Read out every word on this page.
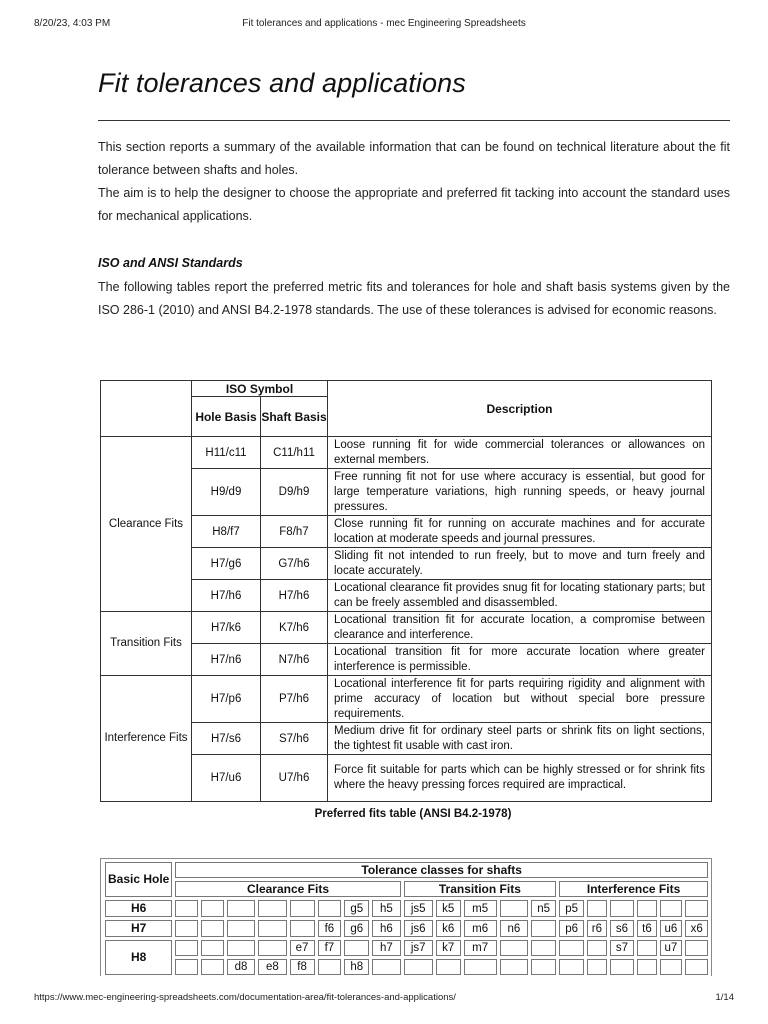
8/20/23, 4:03 PM	Fit tolerances and applications - mec Engineering Spreadsheets
Fit tolerances and applications

This section reports a summary of the available information that can be found on technical literature about the fit tolerance between shafts and holes.

The aim is to help the designer to choose the appropriate and preferred fit tacking into account the standard uses for mechanical applications.

ISO and ANSI Standards

The following tables report the preferred metric fits and tolerances for hole and shaft basis systems given by the ISO 286-1 (2010) and ANSI B4.2-1978 standards. The use of these tolerances is advised for economic reasons.

	ISO Symbol		Description
	Hole Basis	Shaft Basis	
Clearance Fits	H11/c11	C11/h11	Loose running fit for wide commercial tolerances or allowances on external members.
	H9/d9	D9/h9	Free running fit not for use where accuracy is essential, but good for large temperature variations, high running speeds, or heavy journal pressures.
	H8/f7	F8/h7	Close running fit for running on accurate machines and for accurate location at moderate speeds and journal pressures.
	H7/g6	G7/h6	Sliding fit not intended to run freely, but to move and turn freely and locate accurately.
	H7/h6	H7/h6	Locational clearance fit provides snug fit for locating stationary parts; but can be freely assembled and disassembled.
Transition Fits	H7/k6	K7/h6	Locational transition fit for accurate location, a compromise between clearance and interference.
	H7/n6	N7/h6	Locational transition fit for more accurate location where greater interference is permissible.
Interference Fits	H7/p6	P7/h6	Locational interference fit for parts requiring rigidity and alignment with prime accuracy of location but without special bore pressure requirements.
	H7/s6	S7/h6	Medium drive fit for ordinary steel parts or shrink fits on light sections, the tightest fit usable with cast iron.
	H7/u6	U7/h6	Force fit suitable for parts which can be highly stressed or for shrink fits where the heavy pressing forces required are impractical.
Preferred fits table (ANSI B4.2-1978)
Basic Hole	Tolerance classes for shafts																		
	Clearance Fits								Transition Fits					Interference Fits					
H6							g5	h5	js5	k5	m5		n5	p5					
H7						f6	g6	h6	js6	k6	m6	n6		p6	r6	s6	t6	u6	x6
H8					e7	f7		h7	js7	k7	m7					s7		u7	
			d8	e8	f8		h8												
https://www.mec-engineering-spreadsheets.com/documentation-area/fit-tolerances-and-applications/	1/14
